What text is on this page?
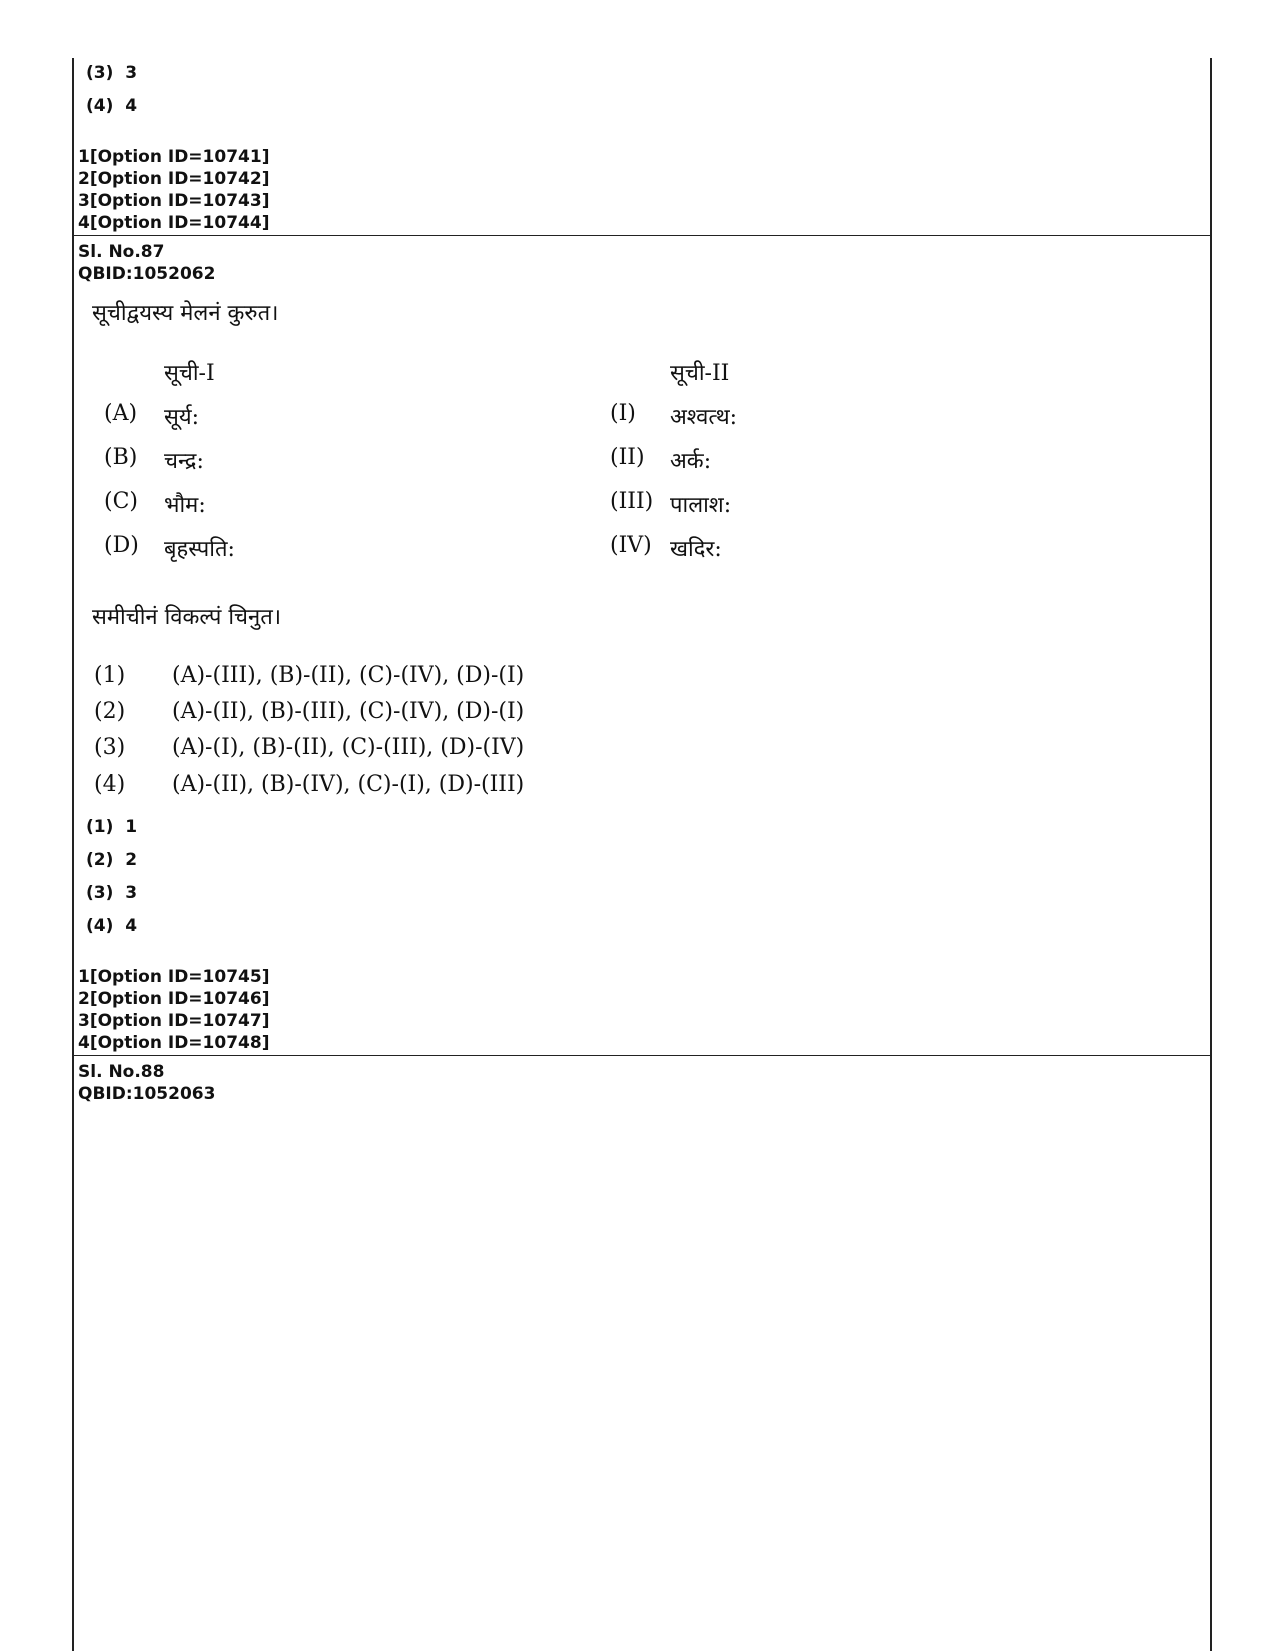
(3) 3
(4) 4
1[Option ID=10741]
2[Option ID=10742]
3[Option ID=10743]
4[Option ID=10744]
Sl. No.87
QBID:1052062
सूचीद्वयस्य मेलनं कुरुत।
सूची-I	सूची-II
(A) सूर्य:
(B) चन्द्र:
(C) भौम:
(D) बृहस्पति:
(I) अश्वत्थ:
(II) अर्क:
(III) पालाश:
(IV) खदिर:
समीचीनं विकल्पं चिनुत।
(1) (A)-(III), (B)-(II), (C)-(IV), (D)-(I)
(2) (A)-(II), (B)-(III), (C)-(IV), (D)-(I)
(3) (A)-(I), (B)-(II), (C)-(III), (D)-(IV)
(4) (A)-(II), (B)-(IV), (C)-(I), (D)-(III)
(1) 1
(2) 2
(3) 3
(4) 4
1[Option ID=10745]
2[Option ID=10746]
3[Option ID=10747]
4[Option ID=10748]
Sl. No.88
QBID:1052063
